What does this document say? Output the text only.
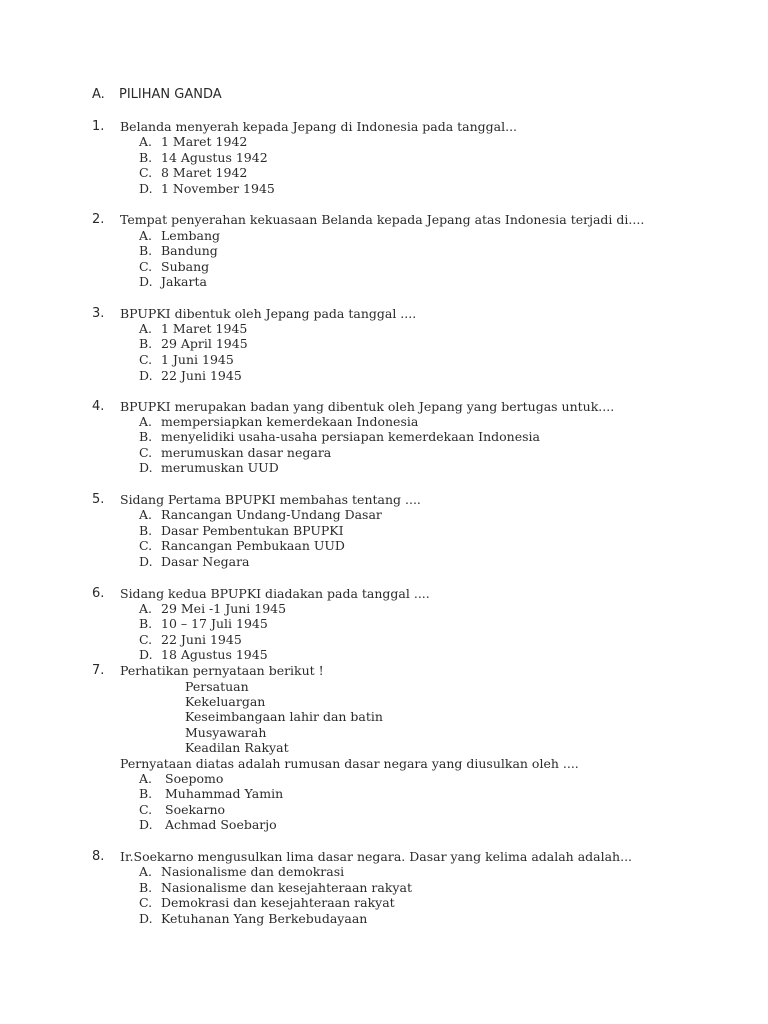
A. PILIHAN GANDA
1. Belanda menyerah kepada Jepang di Indonesia pada tanggal...
A. 1 Maret 1942
B. 14 Agustus 1942
C. 8 Maret 1942
D. 1 November 1945
2. Tempat penyerahan kekuasaan Belanda kepada Jepang atas Indonesia terjadi di....
A. Lembang
B. Bandung
C. Subang
D. Jakarta
3. BPUPKI dibentuk oleh Jepang pada tanggal ....
A. 1 Maret 1945
B. 29 April 1945
C. 1 Juni 1945
D. 22 Juni 1945
4. BPUPKI merupakan badan yang dibentuk oleh Jepang yang bertugas untuk....
A. mempersiapkan kemerdekaan Indonesia
B. menyelidiki usaha-usaha persiapan kemerdekaan Indonesia
C. merumuskan dasar negara
D. merumuskan UUD
5. Sidang Pertama BPUPKI membahas tentang ....
A. Rancangan Undang-Undang Dasar
B. Dasar Pembentukan BPUPKI
C. Rancangan Pembukaan UUD
D. Dasar Negara
6. Sidang kedua BPUPKI diadakan pada tanggal ....
A. 29 Mei -1 Juni 1945
B. 10 – 17 Juli 1945
C. 22 Juni 1945
D. 18 Agustus 1945
7. Perhatikan pernyataan berikut !
Persatuan
Kekeluargan
Keseimbangaan lahir dan batin
Musyawarah
Keadilan Rakyat
Pernyataan diatas adalah rumusan dasar negara yang diusulkan oleh ....
A. Soepomo
B. Muhammad Yamin
C. Soekarno
D. Achmad Soebarjo
8. Ir.Soekarno mengusulkan lima dasar negara. Dasar yang kelima adalah adalah...
A. Nasionalisme dan demokrasi
B. Nasionalisme dan kesejahteraan rakyat
C. Demokrasi dan kesejahteraan rakyat
D. Ketuhanan Yang Berkebudayaan
